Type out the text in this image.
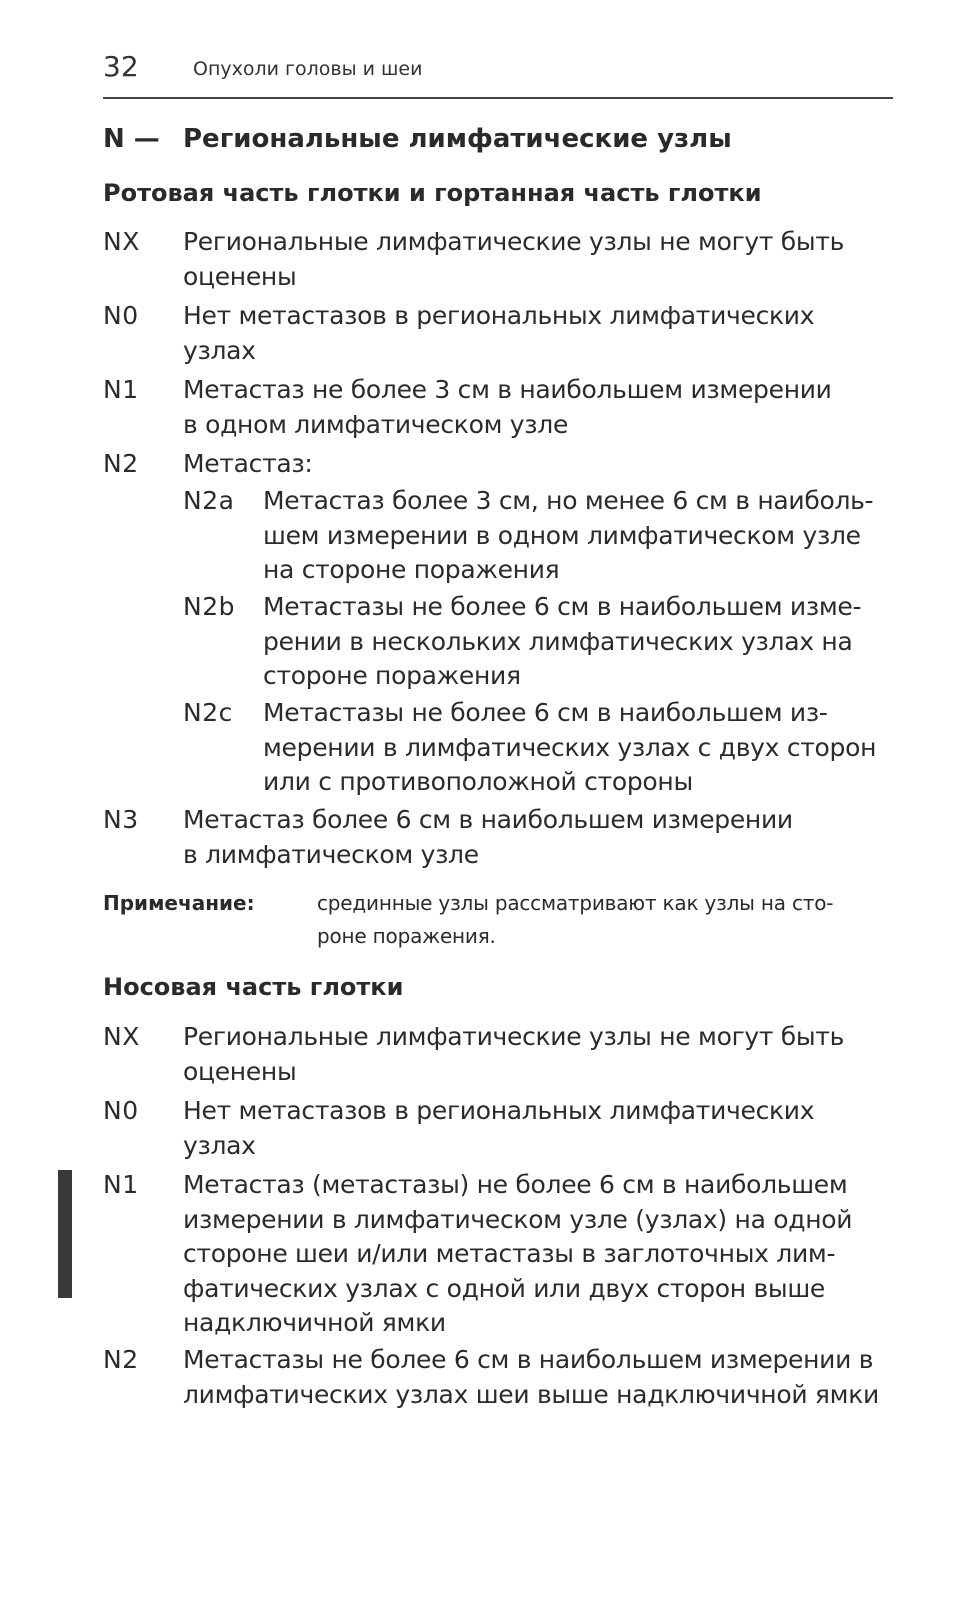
32	Опухоли головы и шеи
N — Региональные лимфатические узлы
Ротовая часть глотки и гортанная часть глотки
NX Региональные лимфатические узлы не могут быть
оценены
N0 Нет метастазов в региональных лимфатических
узлах
N1 Метастаз не более 3 см в наибольшем измерении
в одном лимфатическом узле
N2 Метастаз:
N2a Метастаз более 3 см, но менее 6 см в наиболь-
шем измерении в одном лимфатическом узле
на стороне поражения
N2b Метастазы не более 6 см в наибольшем изме-
рении в нескольких лимфатических узлах на
стороне поражения
N2c Метастазы не более 6 см в наибольшем из-
мерении в лимфатических узлах с двух сторон
или с противоположной стороны
N3 Метастаз более 6 см в наибольшем измерении
в лимфатическом узле
Примечание:	срединные узлы рассматривают как узлы на сто-
роне поражения.
Носовая часть глотки
NX Региональные лимфатические узлы не могут быть
оценены
N0 Нет метастазов в региональных лимфатических
узлах
N1 Метастаз (метастазы) не более 6 см в наибольшем
измерении в лимфатическом узле (узлах) на одной
стороне шеи и/или метастазы в заглоточных лим-
фатических узлах с одной или двух сторон выше
надключичной ямки
N2 Метастазы не более 6 см в наибольшем измерении в
лимфатических узлах шеи выше надключичной ямки
